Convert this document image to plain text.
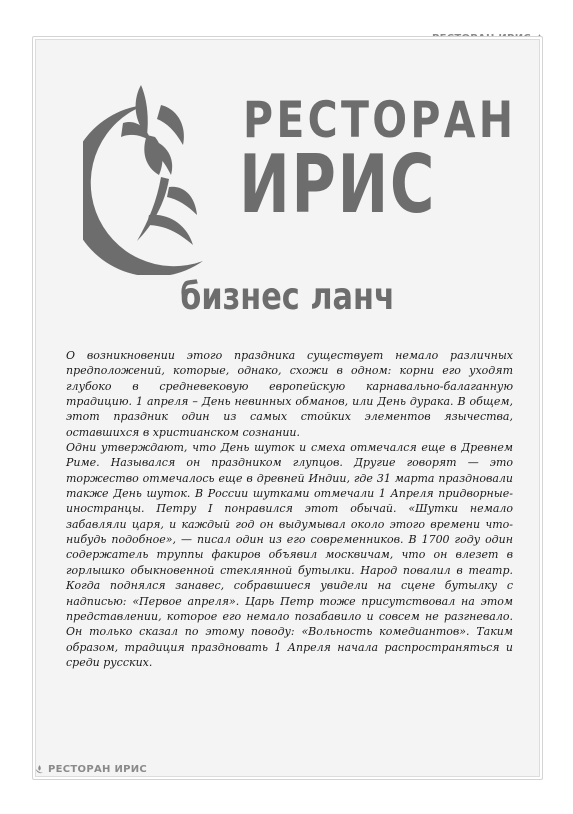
РЕСТОРАН
ИРИС
бизнес ланч

О возникновении этого праздника существует немало различных предположений, которые, однако, схожи в одном: корни его уходят глубоко в средневековую европейскую карнавально-балаганную традицию. 1 апреля – День невинных обманов, или День дурака. В общем, этот праздник один из самых стойких элементов язычества, оставшихся в христианском сознании.

Одни утверждают, что День шуток и смеха отмечался еще в Древнем Риме. Назывался он праздником глупцов. Другие говорят — это торжество отмечалось еще в древней Индии, где 31 марта праздновали также День шуток. В России шутками отмечали 1 Апреля придворные-иностранцы. Петру I понравился этот обычай. «Шутки немало забавляли царя, и каждый год он выдумывал около этого времени что-нибудь подобное», — писал один из его современников. В 1700 году один содержатель труппы факиров объявил москвичам, что он влезет в горлышко обыкновенной стеклянной бутылки. Народ повалил в театр. Когда поднялся занавес, собравшиеся увидели на сцене бутылку с надписью: «Первое апреля». Царь Петр тоже присутствовал на этом представлении, которое его немало позабавило и совсем не разгневало. Он только сказал по этому поводу: «Вольность комедиантов». Таким образом, традиция праздновать 1 Апреля начала распространяться и среди русских.

РЕСТОРАН ИРИС
